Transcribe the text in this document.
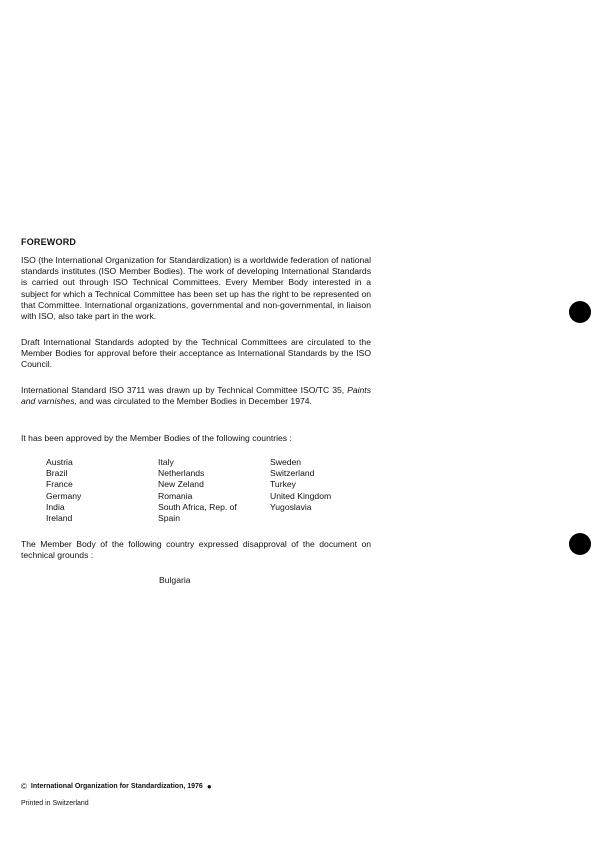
FOREWORD

ISO (the International Organization for Standardization) is a worldwide federation of national standards institutes (ISO Member Bodies). The work of developing International Standards is carried out through ISO Technical Committees. Every Member Body interested in a subject for which a Technical Committee has been set up has the right to be represented on that Committee. International organizations, governmental and non-governmental, in liaison with ISO, also take part in the work.

Draft International Standards adopted by the Technical Committees are circulated to the Member Bodies for approval before their acceptance as International Standards by the ISO Council.

International Standard ISO 3711 was drawn up by Technical Committee ISO/TC 35, Paints and varnishes, and was circulated to the Member Bodies in December 1974.

It has been approved by the Member Bodies of the following countries :

Austria
Brazil
France
Germany
India
Ireland
Italy
Netherlands
New Zeland
Romania
South Africa, Rep. of
Spain
Sweden
Switzerland
Turkey
United Kingdom
Yugoslavia

The Member Body of the following country expressed disapproval of the document on technical grounds :

Bulgaria
© International Organization for Standardization, 1976 ●
Printed in Switzerland
